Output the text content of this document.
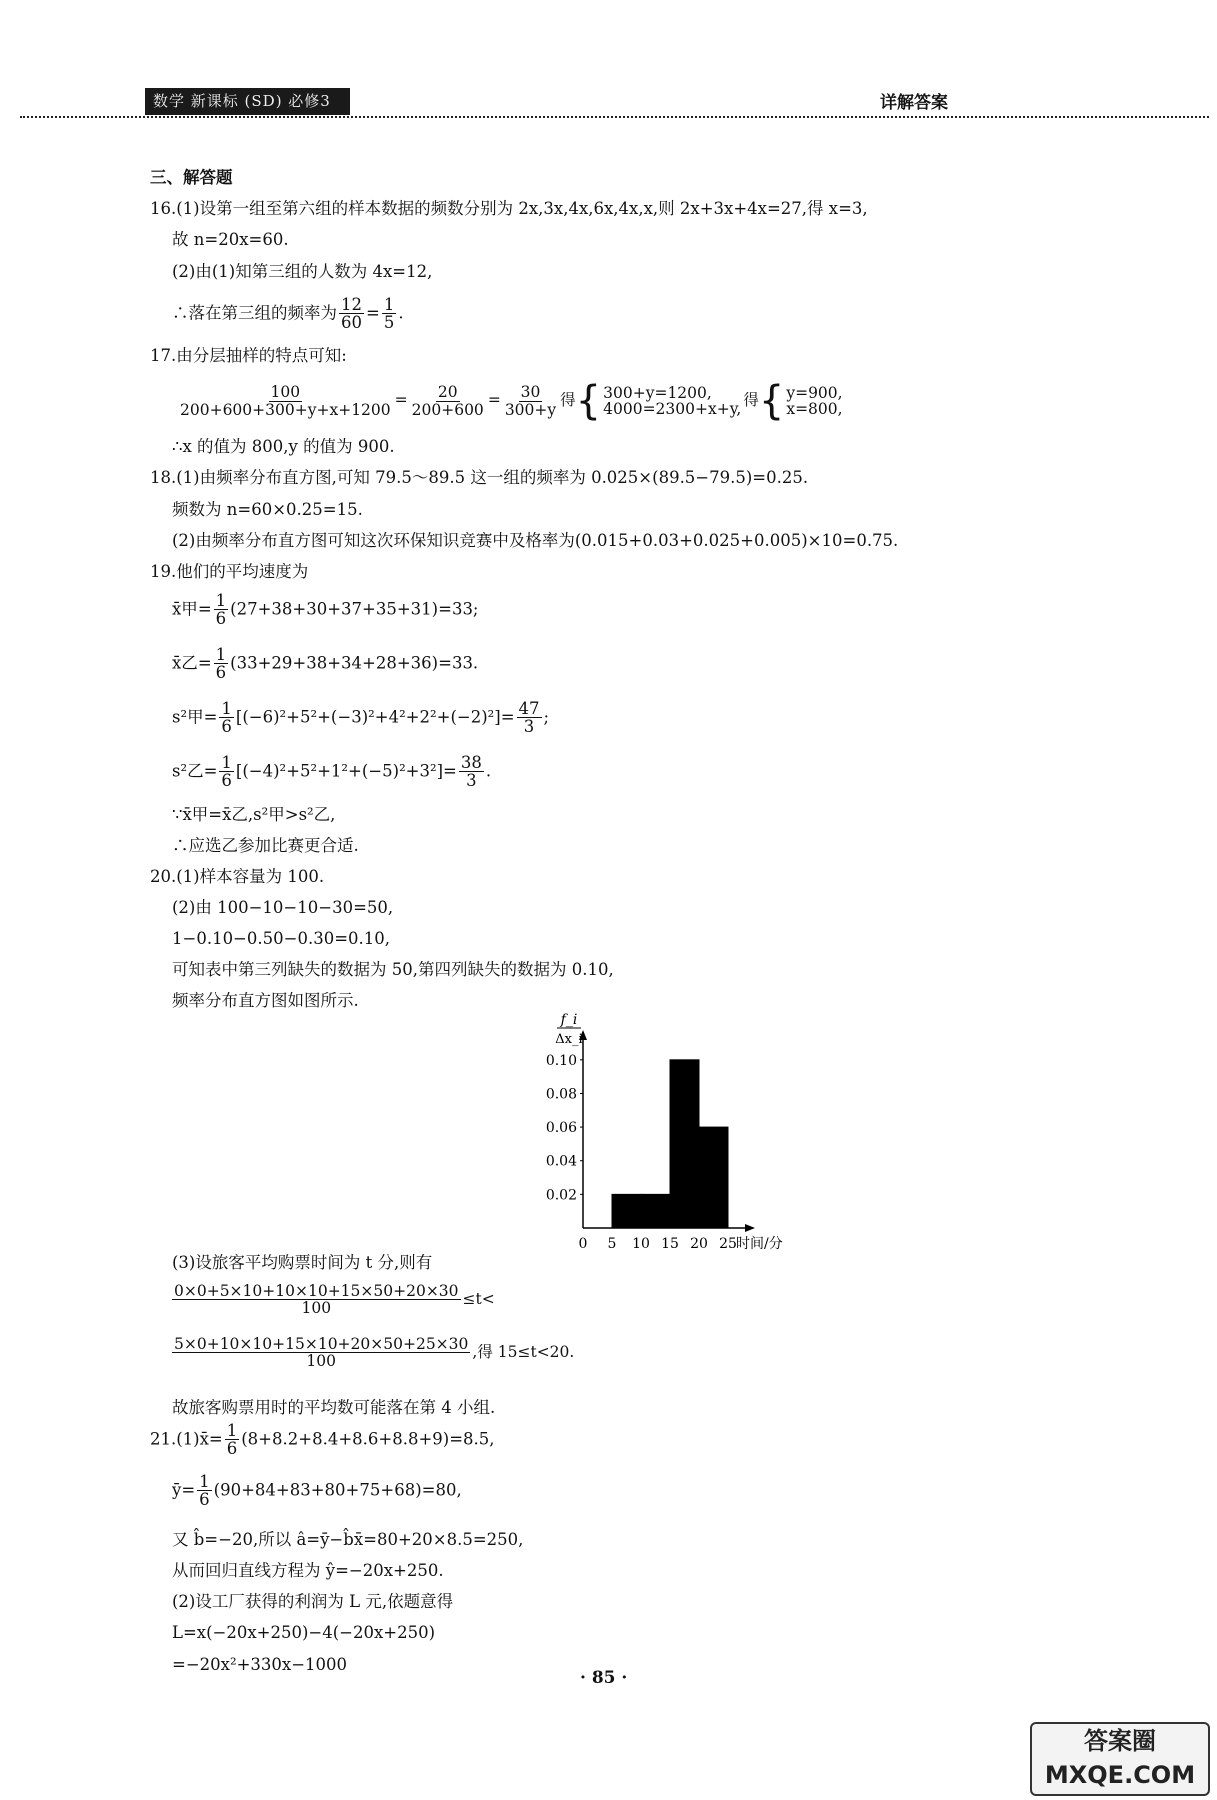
数学 新课标 (SD) 必修3	详解答案
三、解答题
16.(1)设第一组至第六组的样本数据的频数分别为 2x,3x,4x,6x,4x,x,则 2x+3x+4x=27,得 x=3,
故 n=20x=60.
(2)由(1)知第三组的人数为 4x=12,
∴落在第三组的频率为 $\frac{12}{60} = \frac{1}{5}$ .
17.由分层抽样的特点可知:
$\frac{100}{200+600+300+y+x+1200} = \frac{20}{200+600} = \frac{30}{300+y}$ 得{ 300+y=1200,
4000=2300+x+y, 得{ y=900,
x=800,
∴x 的值为 800,y 的值为 900.
18.(1)由频率分布直方图,可知 79.5～89.5 这一组的频率为 0.025×(89.5−79.5)=0.25.
频数为 n=60×0.25=15.
(2)由频率分布直方图可知这次环保知识竞赛中及格率为(0.015+0.03+0.025+0.005)×10=0.75.
19.他们的平均速度为
x̄甲= $\frac{1}{6} (27+38+30+37+35+31)=33$;
x̄乙= $\frac{1}{6} (33+29+38+34+28+36)=33$.
s²甲= $\frac{1}{6} [(-6)^2+5^2+(-3)^2+4^2+2^2+(-2)^2]= \frac{47}{3}$ ;
s²乙= $\frac{1}{6} [(-4)^2+5^2+1^2+(-5)^2+3^2]= \frac{38}{3}$ .
∵x̄甲=x̄乙,s²甲>s²乙,
∴应选乙参加比赛更合适.
20.(1)样本容量为 100.
(2)由 100−10−10−30=50,
1−0.10−0.50−0.30=0.10,
可知表中第三列缺失的数据为 50,第四列缺失的数据为 0.10,
频率分布直方图如图所示.
0.02
0.04
0.06
0.08
0.10
0 5 10 15 20 25 时间/分
f_i
Δx_i
(3)设旅客平均购票时间为 t 分,则有
$\frac{0\times 0+5\times 10+10\times 10+15\times 50+20\times 30}{100} \le t<$
$\frac{5\times 0+10\times 10+15\times 10+20\times 50+25\times 30}{100}$ ,得 15≤t<20.
故旅客购票用时的平均数可能落在第 4 小组.
21.(1)x̄= $\frac{1}{6} (8+8.2+8.4+8.6+8.8+9)=8.5$,
ȳ= $\frac{1}{6} (90+84+83+80+75+68)=80$,
又 b̂=−20,所以 â=ȳ−b̂x̄=80+20×8.5=250,
从而回归直线方程为 ŷ=−20x+250.
(2)设工厂获得的利润为 L 元,依题意得
L=x(−20x+250)−4(−20x+250)
=−20x²+330x−1000
· 85 ·
答案圈 MXQE.COM
